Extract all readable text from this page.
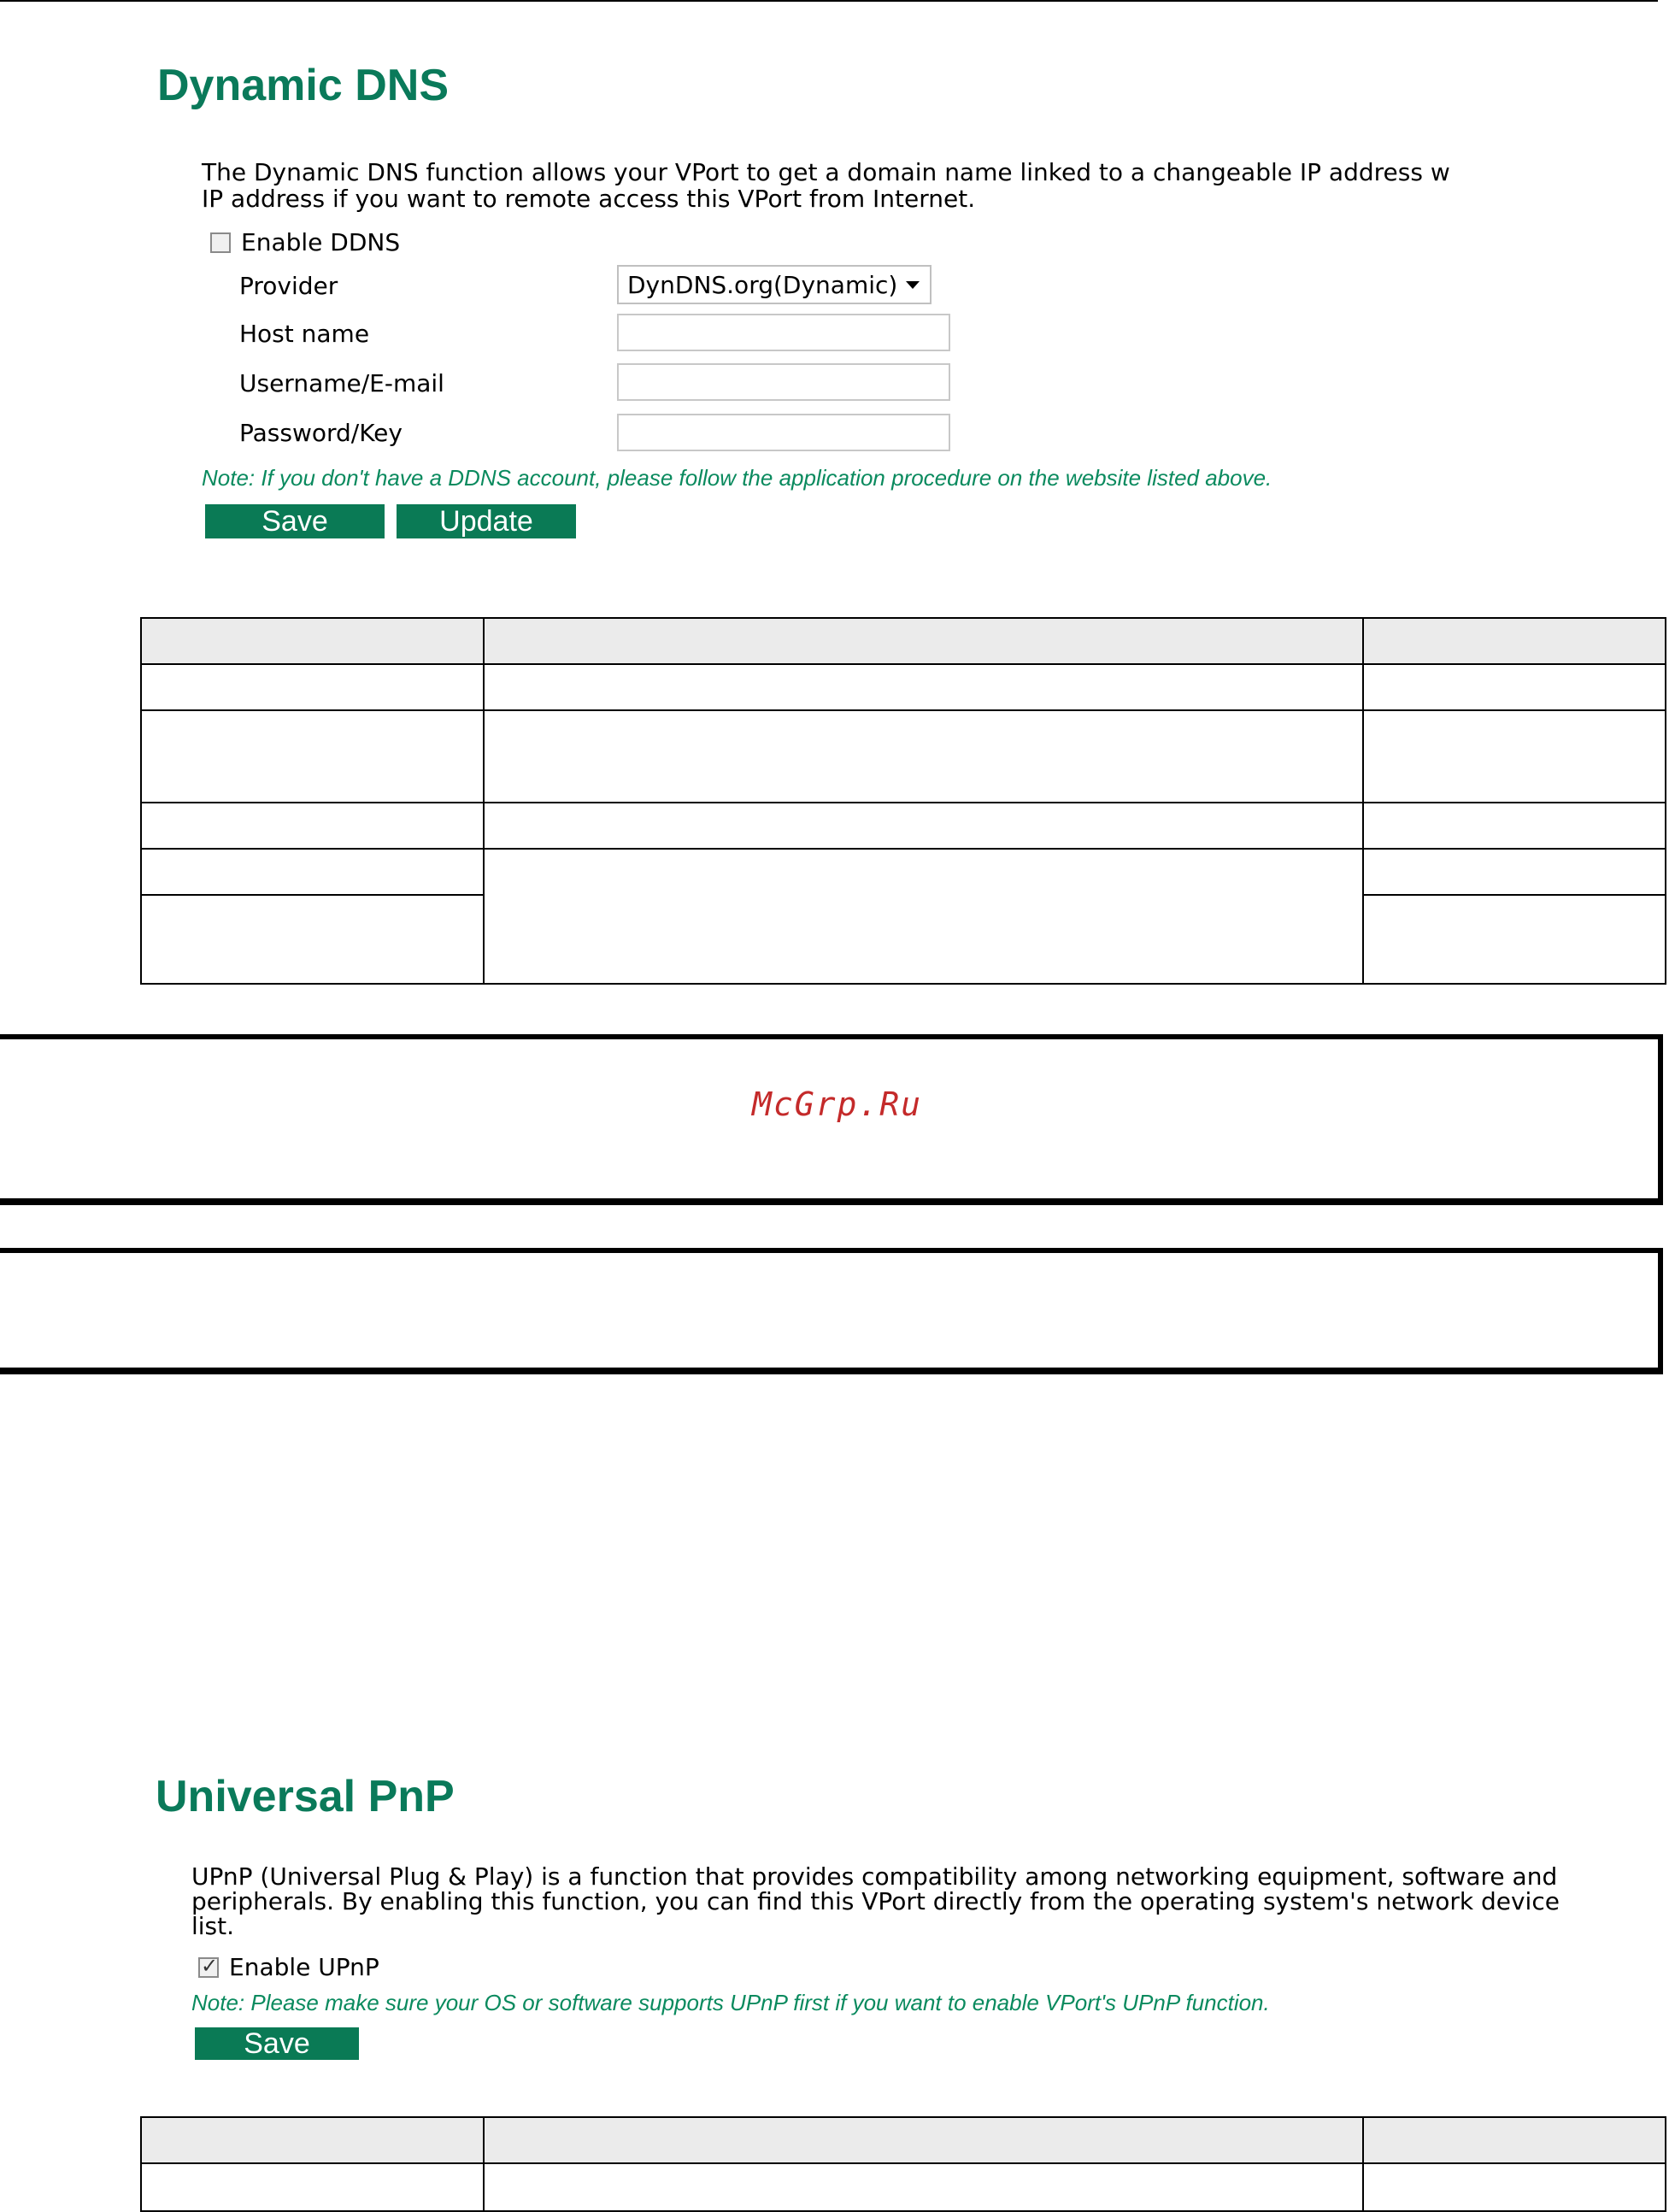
Dynamic DNS

The Dynamic DNS function allows your VPort to get a domain name linked to a changeable IP address w

IP address if you want to remote access this VPort from Internet.

Enable DDNS
Provider	DynDNS.org(Dynamic)
Host name
Username/E-mail
Password/Key

Note: If you don't have a DDNS account, please follow the application procedure on the website listed above.

Save	Update

McGrp.Ru
Universal PnP

UPnP (Universal Plug & Play) is a function that provides compatibility among networking equipment, software and

peripherals. By enabling this function, you can find this VPort directly from the operating system's network device

list.

✓
Enable UPnP

Note: Please make sure your OS or software supports UPnP first if you want to enable VPort's UPnP function.

Save
